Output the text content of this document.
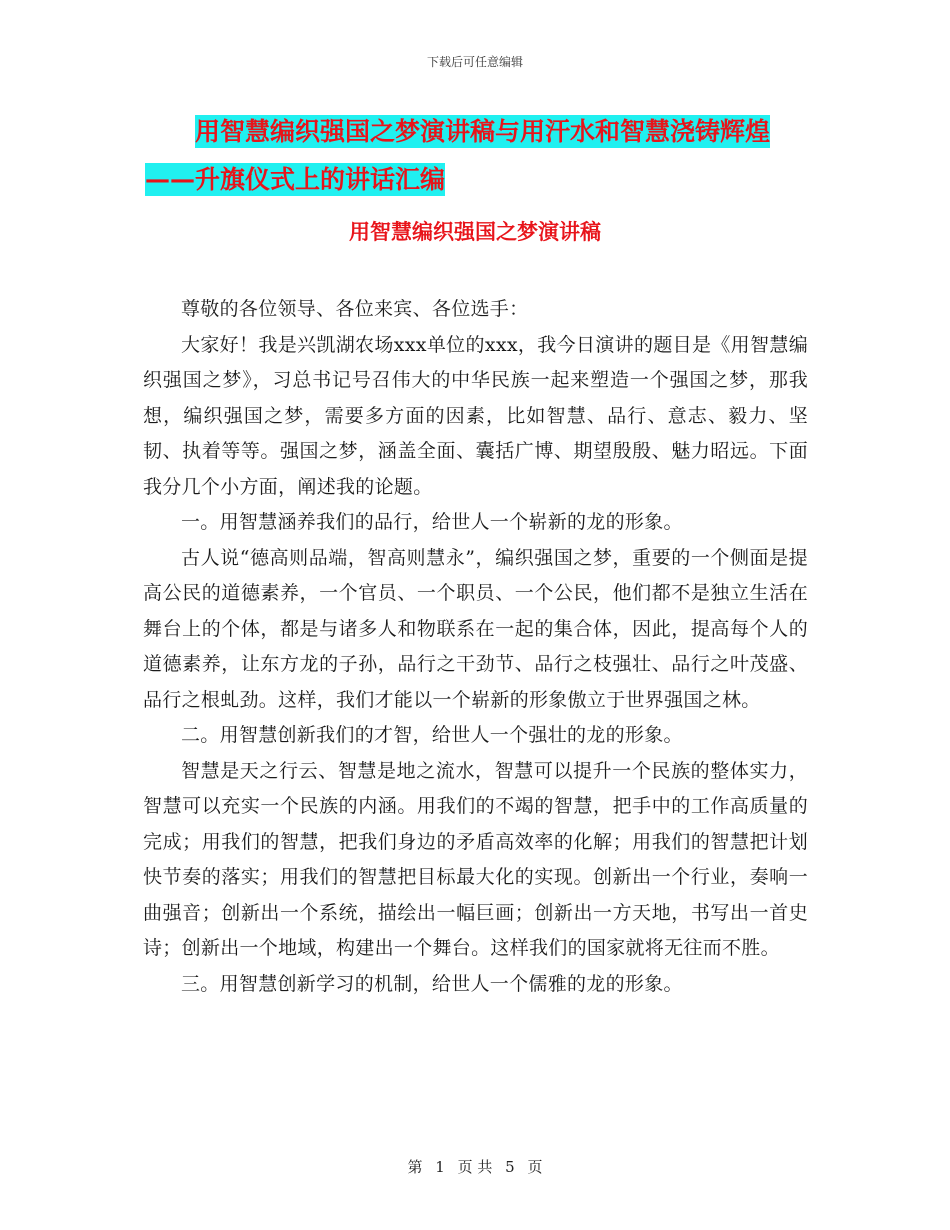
下载后可任意编辑
用智慧编织强国之梦演讲稿与用汗水和智慧浇铸辉煌
——升旗仪式上的讲话汇编
用智慧编织强国之梦演讲稿

尊敬的各位领导、各位来宾、各位选手：

大家好！我是兴凯湖农场xxx单位的xxx，我今日演讲的题目是《用智慧编织强国之梦》，习总书记号召伟大的中华民族一起来塑造一个强国之梦，那我想，编织强国之梦，需要多方面的因素，比如智慧、品行、意志、毅力、坚韧、执着等等。强国之梦，涵盖全面、囊括广博、期望殷殷、魅力昭远。下面我分几个小方面，阐述我的论题。

一。用智慧涵养我们的品行，给世人一个崭新的龙的形象。

古人说“德高则品端，智高则慧永”，编织强国之梦，重要的一个侧面是提高公民的道德素养，一个官员、一个职员、一个公民，他们都不是独立生活在舞台上的个体，都是与诸多人和物联系在一起的集合体，因此，提高每个人的道德素养，让东方龙的子孙，品行之干劲节、品行之枝强壮、品行之叶茂盛、品行之根虬劲。这样，我们才能以一个崭新的形象傲立于世界强国之林。

二。用智慧创新我们的才智，给世人一个强壮的龙的形象。

智慧是天之行云、智慧是地之流水，智慧可以提升一个民族的整体实力，智慧可以充实一个民族的内涵。用我们的不竭的智慧，把手中的工作高质量的完成；用我们的智慧，把我们身边的矛盾高效率的化解；用我们的智慧把计划快节奏的落实；用我们的智慧把目标最大化的实现。创新出一个行业，奏响一曲强音；创新出一个系统，描绘出一幅巨画；创新出一方天地，书写出一首史诗；创新出一个地域，构建出一个舞台。这样我们的国家就将无往而不胜。

三。用智慧创新学习的机制，给世人一个儒雅的龙的形象。

第 1 页 共 5 页
